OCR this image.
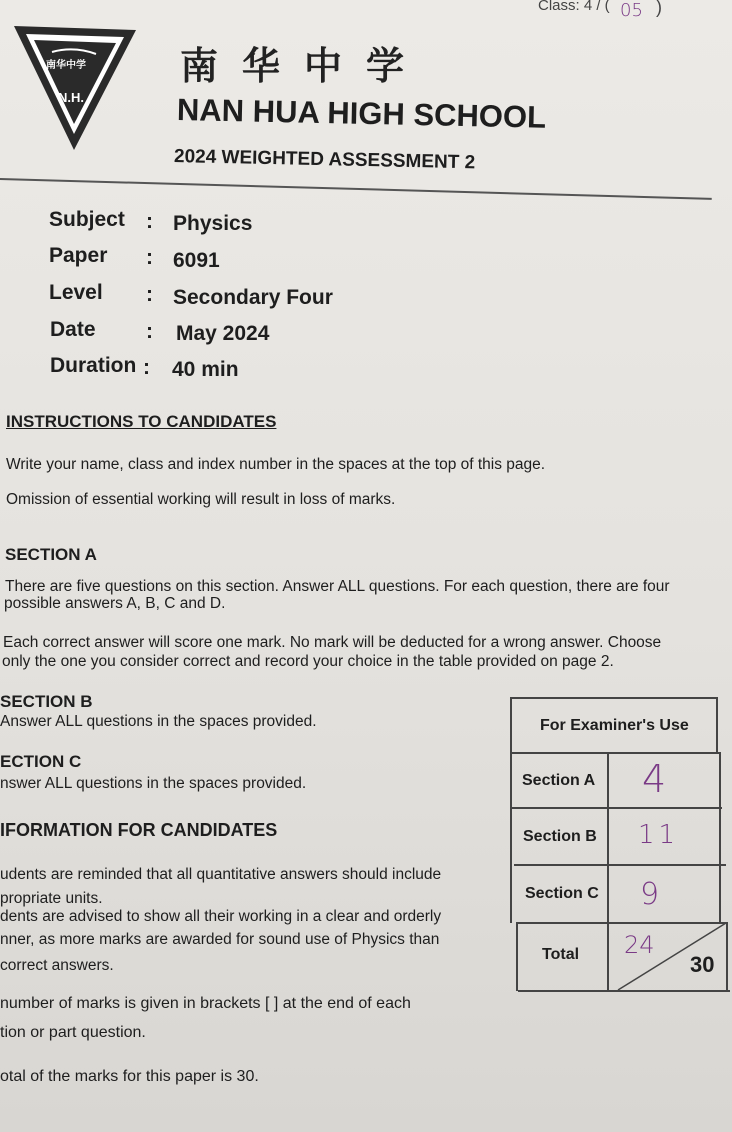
Class: 4 / ( 05 )
南华中学
N.H.
南华中学
NAN HUA HIGH SCHOOL
2024 WEIGHTED ASSESSMENT 2
Subject : Physics
Paper : 6091
Level : Secondary Four
Date : May 2024
Duration : 40 min
INSTRUCTIONS TO CANDIDATES
Write your name, class and index number in the spaces at the top of this page.
Omission of essential working will result in loss of marks.
SECTION A
There are five questions on this section. Answer ALL questions. For each question, there are four
possible answers A, B, C and D.
Each correct answer will score one mark. No mark will be deducted for a wrong answer. Choose
only the one you consider correct and record your choice in the table provided on page 2.
SECTION B
Answer ALL questions in the spaces provided.
ECTION C
nswer ALL questions in the spaces provided.
IFORMATION FOR CANDIDATES
udents are reminded that all quantitative answers should include
propriate units.
dents are advised to show all their working in a clear and orderly
nner, as more marks are awarded for sound use of Physics than
correct answers.
number of marks is given in brackets [ ] at the end of each
tion or part question.
otal of the marks for this paper is 30.
For Examiner's Use
Section A 4
Section B 11
Section C 9
Total 24
30
